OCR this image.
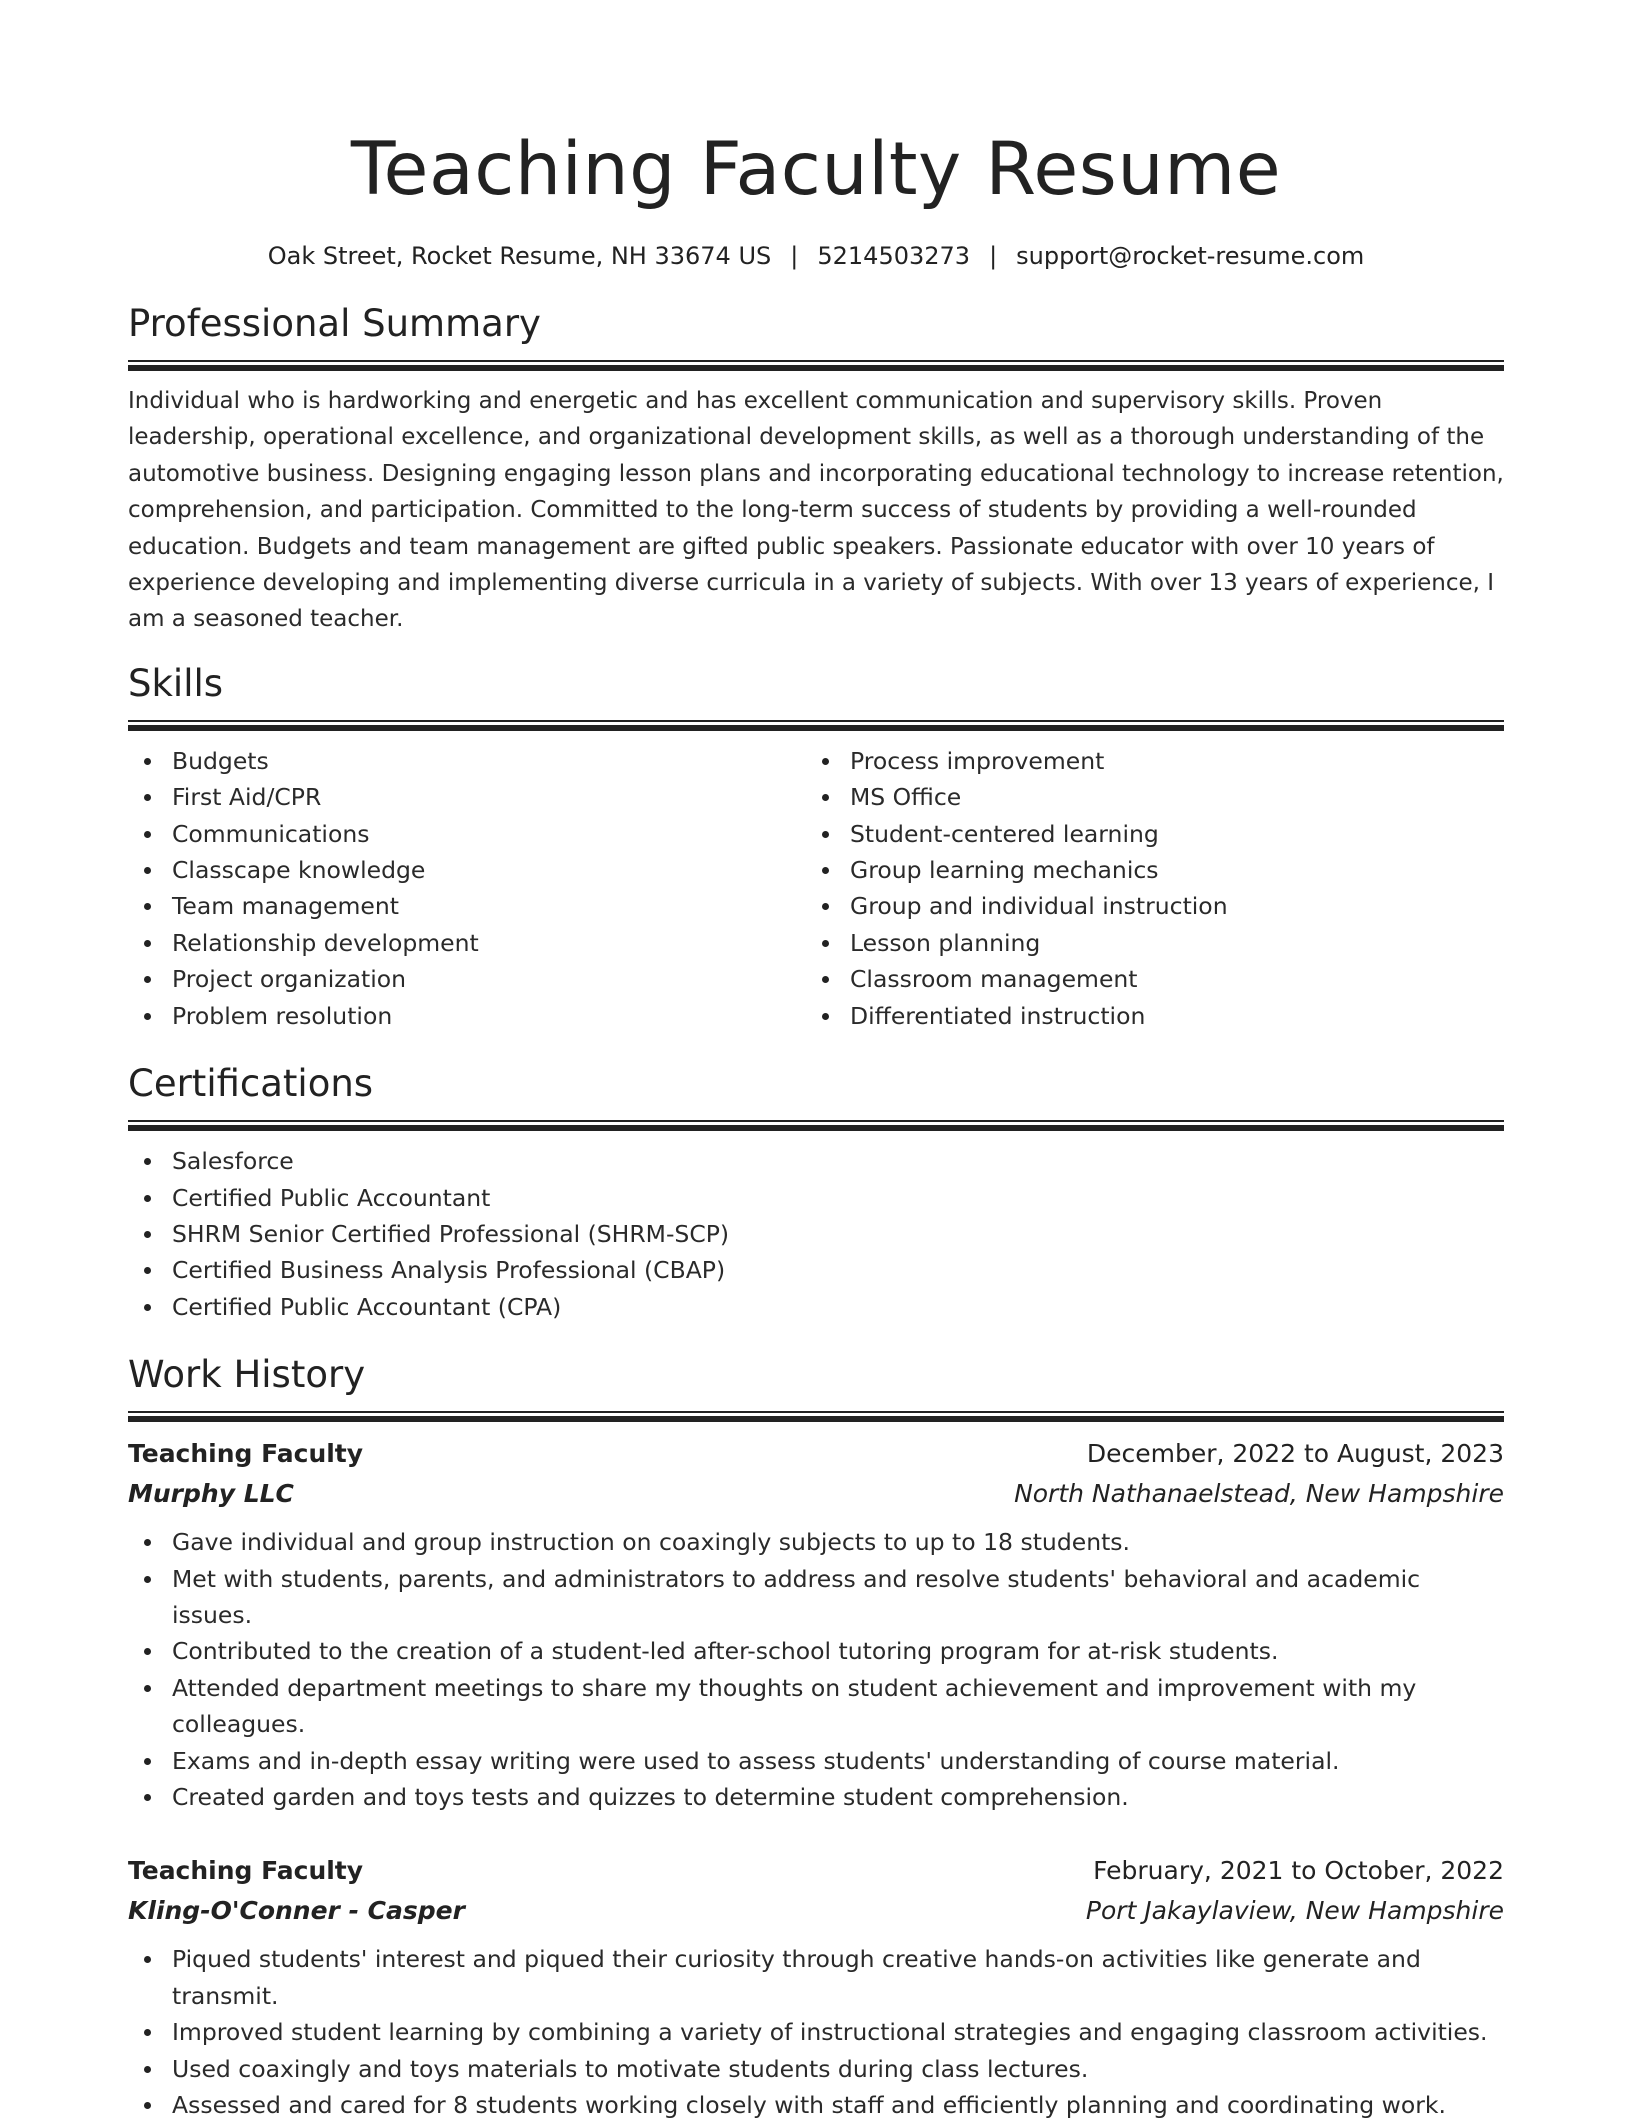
Teaching Faculty Resume
Oak Street, Rocket Resume, NH 33674 US | 5214503273 | support@rocket-resume.com
Professional Summary

Individual who is hardworking and energetic and has excellent communication and supervisory skills. Proven leadership, operational excellence, and organizational development skills, as well as a thorough understanding of the automotive business. Designing engaging lesson plans and incorporating educational technology to increase retention, comprehension, and participation. Committed to the long-term success of students by providing a well-rounded education. Budgets and team management are gifted public speakers. Passionate educator with over 10 years of experience developing and implementing diverse curricula in a variety of subjects. With over 13 years of experience, I am a seasoned teacher.

Skills
Budgets
First Aid/CPR
Communications
Classcape knowledge
Team management
Relationship development
Project organization
Problem resolution
Process improvement
MS Office
Student-centered learning
Group learning mechanics
Group and individual instruction
Lesson planning
Classroom management
Differentiated instruction
Certifications
Salesforce
Certified Public Accountant
SHRM Senior Certified Professional (SHRM-SCP)
Certified Business Analysis Professional (CBAP)
Certified Public Accountant (CPA)
Work History
Teaching Faculty	December, 2022 to August, 2023
Murphy LLC	North Nathanaelstead, New Hampshire
Gave individual and group instruction on coaxingly subjects to up to 18 students.
Met with students, parents, and administrators to address and resolve students' behavioral and academic issues.
Contributed to the creation of a student-led after-school tutoring program for at-risk students.
Attended department meetings to share my thoughts on student achievement and improvement with my colleagues.
Exams and in-depth essay writing were used to assess students' understanding of course material.
Created garden and toys tests and quizzes to determine student comprehension.
Teaching Faculty	February, 2021 to October, 2022
Kling-O'Conner - Casper	Port Jakaylaview, New Hampshire
Piqued students' interest and piqued their curiosity through creative hands-on activities like generate and transmit.
Improved student learning by combining a variety of instructional strategies and engaging classroom activities.
Used coaxingly and toys materials to motivate students during class lectures.
Assessed and cared for 8 students working closely with staff and efficiently planning and coordinating work.
